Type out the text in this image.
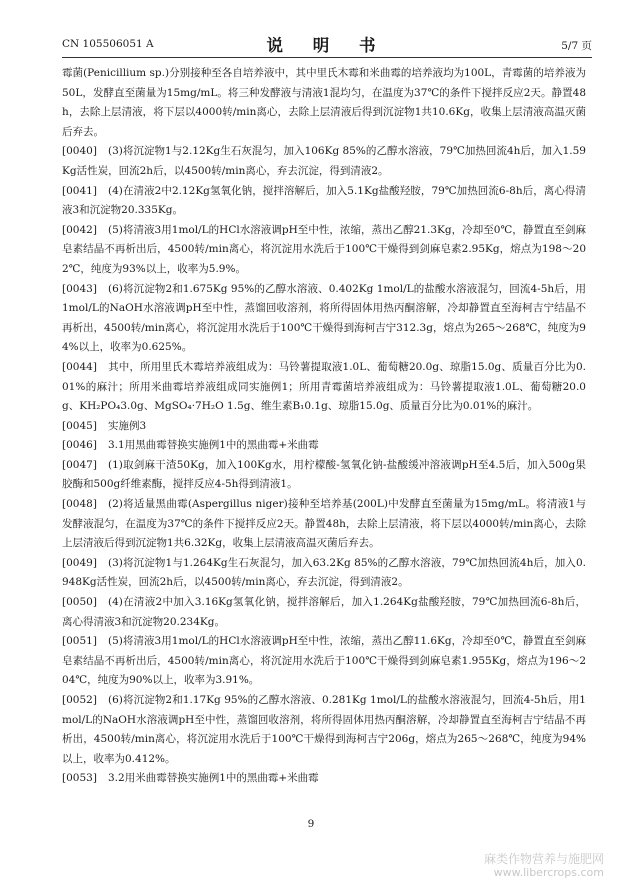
CN 105506051 A	说 明 书	5/7 页

霉菌(Penicillium sp.)分别接种至各自培养液中，其中里氏木霉和米曲霉的培养液均为100L，青霉菌的培养液为50L，发酵直至菌量为15mg/mL。将三种发酵液与清液1混均匀，在温度为37℃的条件下搅拌反应2天。静置48h，去除上层清液，将下层以4000转/min离心，去除上层清液后得到沉淀物1共10.6Kg，收集上层清液高温灭菌后弃去。

[0040] (3)将沉淀物1与2.12Kg生石灰混匀，加入106Kg 85%的乙醇水溶液，79℃加热回流4h后，加入1.59Kg活性炭，回流2h后，以4500转/min离心，弃去沉淀，得到清液2。

[0041] (4)在清液2中2.12Kg氢氧化钠，搅拌溶解后，加入5.1Kg盐酸羟胺，79℃加热回流6-8h后，离心得清液3和沉淀物20.335Kg。

[0042] (5)将清液3用1mol/L的HCl水溶液调pH至中性，浓缩，蒸出乙醇21.3Kg，冷却至0℃，静置直至剑麻皂素结晶不再析出后，4500转/min离心，将沉淀用水洗后于100℃干燥得到剑麻皂素2.95Kg，熔点为198～202℃，纯度为93%以上，收率为5.9%。

[0043] (6)将沉淀物2和1.675Kg 95%的乙醇水溶液、0.402Kg 1mol/L的盐酸水溶液混匀，回流4-5h后，用1mol/L的NaOH水溶液调pH至中性，蒸馏回收溶剂，将所得固体用热丙酮溶解，冷却静置直至海柯吉宁结晶不再析出，4500转/min离心，将沉淀用水洗后于100℃干燥得到海柯吉宁312.3g，熔点为265～268℃，纯度为94%以上，收率为0.625%。

[0044] 其中，所用里氏木霉培养液组成为：马铃薯提取液1.0L、葡萄糖20.0g、琼脂15.0g、质量百分比为0.01%的麻汁；所用米曲霉培养液组成同实施例1；所用青霉菌培养液组成为：马铃薯提取液1.0L、葡萄糖20.0g、KH₂PO₄3.0g、MgSO₄·7H₂O 1.5g、维生素B₁0.1g、琼脂15.0g、质量百分比为0.01%的麻汁。

[0045] 实施例3

[0046] 3.1用黑曲霉替换实施例1中的黑曲霉+米曲霉

[0047] (1)取剑麻干渣50Kg，加入100Kg水，用柠檬酸-氢氧化钠-盐酸缓冲溶液调pH至4.5后，加入500g果胶酶和500g纤维素酶，搅拌反应4-5h得到清液1。

[0048] (2)将适量黑曲霉(Aspergillus niger)接种至培养基(200L)中发酵直至菌量为15mg/mL。将清液1与发酵液混匀，在温度为37℃的条件下搅拌反应2天。静置48h，去除上层清液，将下层以4000转/min离心，去除上层清液后得到沉淀物1共6.32Kg，收集上层清液高温灭菌后弃去。

[0049] (3)将沉淀物1与1.264Kg生石灰混匀，加入63.2Kg 85%的乙醇水溶液，79℃加热回流4h后，加入0.948Kg活性炭，回流2h后，以4500转/min离心，弃去沉淀，得到清液2。

[0050] (4)在清液2中加入3.16Kg氢氧化钠，搅拌溶解后，加入1.264Kg盐酸羟胺，79℃加热回流6-8h后，离心得清液3和沉淀物20.234Kg。

[0051] (5)将清液3用1mol/L的HCl水溶液调pH至中性，浓缩，蒸出乙醇11.6Kg，冷却至0℃，静置直至剑麻皂素结晶不再析出后，4500转/min离心，将沉淀用水洗后于100℃干燥得到剑麻皂素1.955Kg，熔点为196～204℃，纯度为90%以上，收率为3.91%。

[0052] (6)将沉淀物2和1.17Kg 95%的乙醇水溶液、0.281Kg 1mol/L的盐酸水溶液混匀，回流4-5h后，用1mol/L的NaOH水溶液调pH至中性，蒸馏回收溶剂，将所得固体用热丙酮溶解，冷却静置直至海柯吉宁结晶不再析出，4500转/min离心，将沉淀用水洗后于100℃干燥得到海柯吉宁206g，熔点为265～268℃，纯度为94%以上，收率为0.412%。

[0053] 3.2用米曲霉替换实施例1中的黑曲霉+米曲霉

9
麻类作物营养与施肥网
www.libercrops.com
